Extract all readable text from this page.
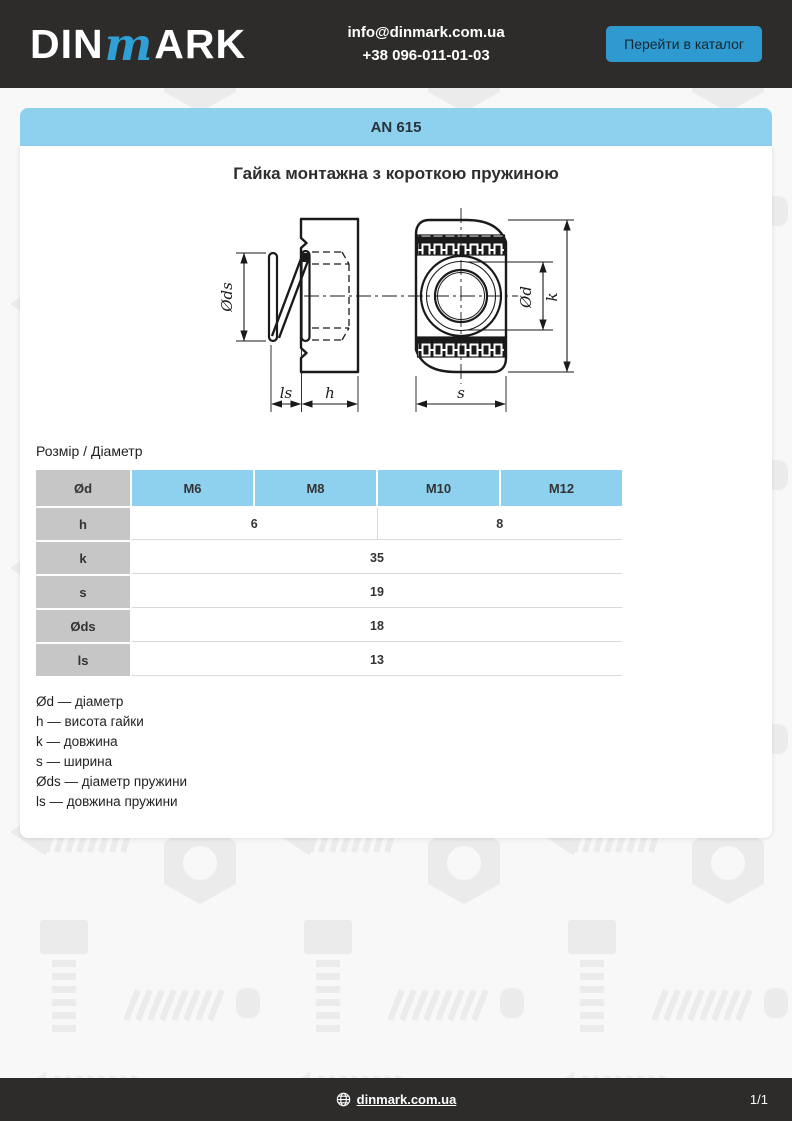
DINmARK	info@dinmark.com.ua
+38 096-011-01-03
Перейти в каталог
AN 615
Гайка монтажна з короткою пружиною
Øds
ls h
Ød k
s
Розмір / Діаметр
Ød	M6	M8	M10	M12
h	6	8
k	35
s	19
Øds	18
ls	13
Ød — діаметр
h — висота гайки
k — довжина
s — ширина
Øds — діаметр пружини
ls — довжина пружини
dinmark.com.ua	1/1
